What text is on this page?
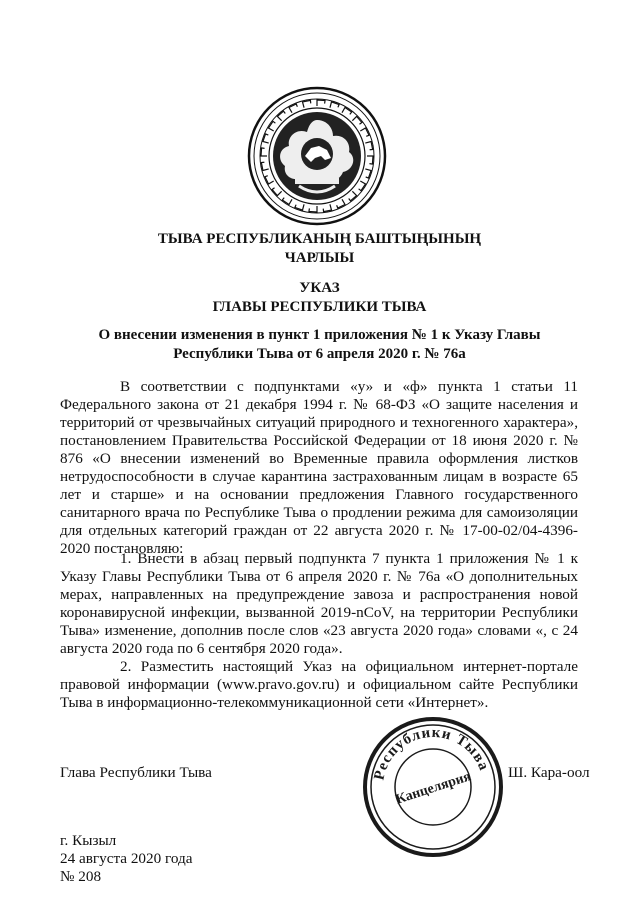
ТЫВА РЕСПУБЛИКАНЫҢ БАШТЫҢЫНЫҢ
ЧАРЛЫЫ
УКАЗ
ГЛАВЫ РЕСПУБЛИКИ ТЫВА
О внесении изменения в пункт 1 приложения № 1 к Указу Главы
Республики Тыва от 6 апреля 2020 г. № 76а

В соответствии с подпунктами «у» и «ф» пункта 1 статьи 11 Федерального закона от 21 декабря 1994 г. № 68-ФЗ «О защите населения и территорий от чрезвычайных ситуаций природного и техногенного характера», постановлением Правительства Российской Федерации от 18 июня 2020 г. № 876 «О внесении изменений во Временные правила оформления листков нетрудоспособности в случае карантина застрахованным лицам в возрасте 65 лет и старше» и на основании предложения Главного государственного санитарного врача по Республике Тыва о продлении режима для самоизоляции для отдельных категорий граждан от 22 августа 2020 г. № 17-00-02/04-4396-2020 постановляю:

1. Внести в абзац первый подпункта 7 пункта 1 приложения № 1 к Указу Главы Республики Тыва от 6 апреля 2020 г. № 76а «О дополнительных мерах, направленных на предупреждение завоза и распространения новой коронавирусной инфекции, вызванной 2019-nCoV, на территории Республики Тыва» изменение, дополнив после слов «23 августа 2020 года» словами «, с 24 августа 2020 года по 6 сентября 2020 года».

2. Разместить настоящий Указ на официальном интернет-портале правовой информации (www.pravo.gov.ru) и официальном сайте Республики Тыва в информационно-телекоммуникационной сети «Интернет».

Глава Республики Тыва	Ш. Кара-оол
Республики Тыва
Канцелярия
г. Кызыл
24 августа 2020 года
№ 208
